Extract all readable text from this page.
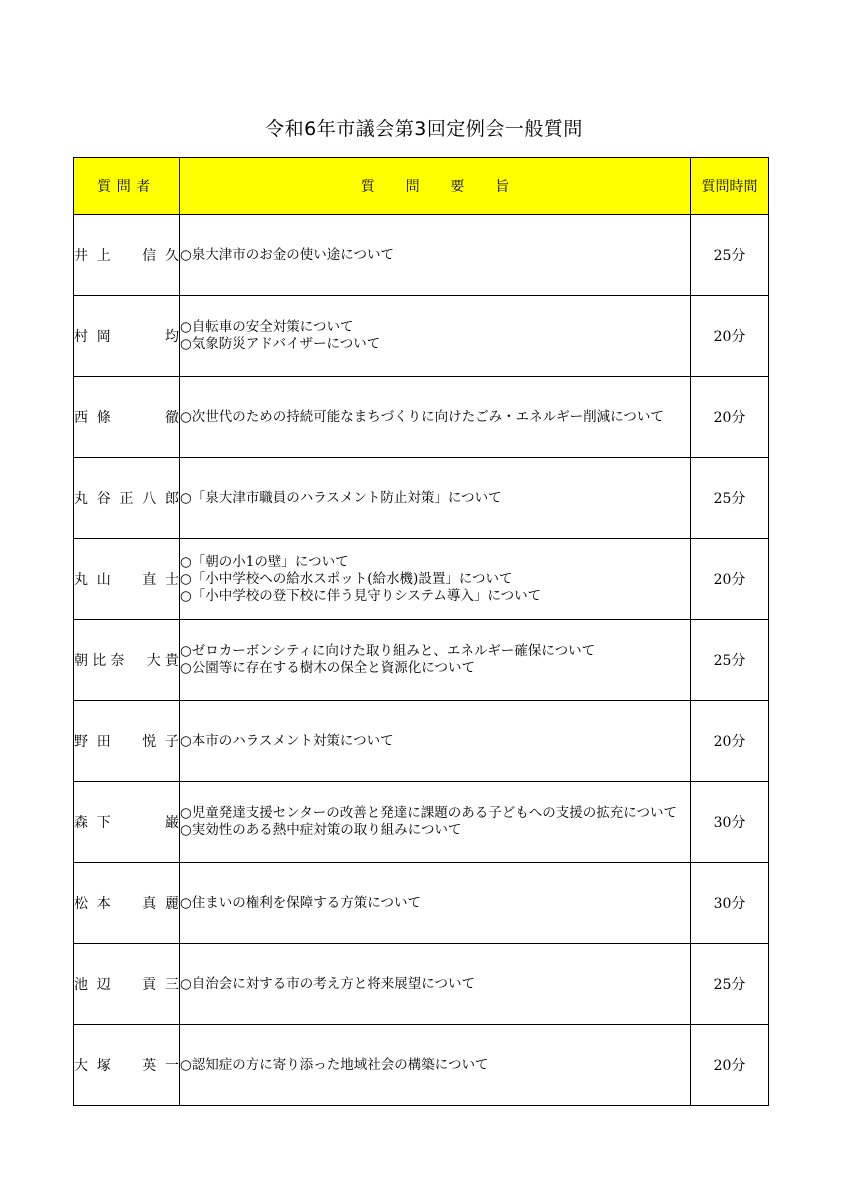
令和6年市議会第3回定例会一般質問
質問者	質問要旨	質問時間

井上　信久	○泉大津市のお金の使い途について	25分

村岡　　均	○自転車の安全対策について
○気象防災アドバイザーについて	20分

西條　　徹	○次世代のための持続可能なまちづくりに向けたごみ・エネルギー削減について	20分

丸谷正八郎	○「泉大津市職員のハラスメント防止対策」について	25分

丸山　直士	○「朝の小1の壁」について
○「小中学校への給水スポット(給水機)設置」について
○「小中学校の登下校に伴う見守りシステム導入」について	20分

朝比奈　大貴	○ゼロカーボンシティに向けた取り組みと、エネルギー確保について
○公園等に存在する樹木の保全と資源化について	25分

野田　悦子	○本市のハラスメント対策について	20分

森下　　巌	○児童発達支援センターの改善と発達に課題のある子どもへの支援の拡充について
○実効性のある熱中症対策の取り組みについて	30分

松本　真麗	○住まいの権利を保障する方策について	30分

池辺　貢三	○自治会に対する市の考え方と将来展望について	25分

大塚　英一	○認知症の方に寄り添った地域社会の構築について	20分
